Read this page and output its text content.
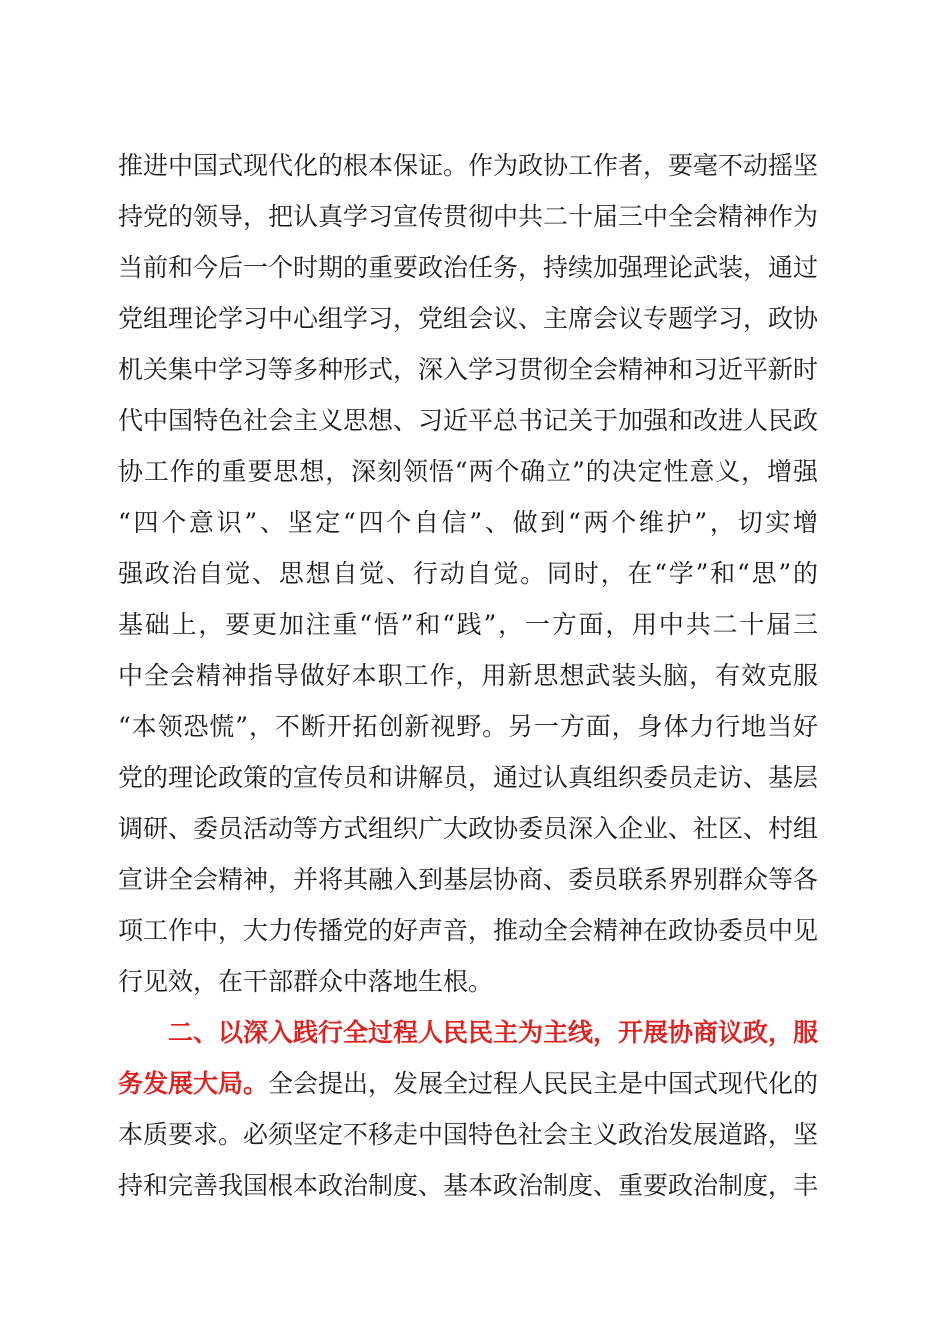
推进中国式现代化的根本保证。作为政协工作者，要毫不动摇坚
持党的领导，把认真学习宣传贯彻中共二十届三中全会精神作为
当前和今后一个时期的重要政治任务，持续加强理论武装，通过
党组理论学习中心组学习，党组会议、主席会议专题学习，政协
机关集中学习等多种形式，深入学习贯彻全会精神和习近平新时
代中国特色社会主义思想、习近平总书记关于加强和改进人民政
协工作的重要思想，深刻领悟“两个确立”的决定性意义，增强
“四个意识”、坚定“四个自信”、做到“两个维护”，切实增
强政治自觉、思想自觉、行动自觉。同时，在“学”和“思”的
基础上，要更加注重“悟”和“践”，一方面，用中共二十届三
中全会精神指导做好本职工作，用新思想武装头脑，有效克服
“本领恐慌”，不断开拓创新视野。另一方面，身体力行地当好
党的理论政策的宣传员和讲解员，通过认真组织委员走访、基层
调研、委员活动等方式组织广大政协委员深入企业、社区、村组
宣讲全会精神，并将其融入到基层协商、委员联系界别群众等各
项工作中，大力传播党的好声音，推动全会精神在政协委员中见
行见效，在干部群众中落地生根。
二、以深入践行全过程人民民主为主线，开展协商议政，服
务发展大局。全会提出，发展全过程人民民主是中国式现代化的
本质要求。必须坚定不移走中国特色社会主义政治发展道路，坚
持和完善我国根本政治制度、基本政治制度、重要政治制度，丰
